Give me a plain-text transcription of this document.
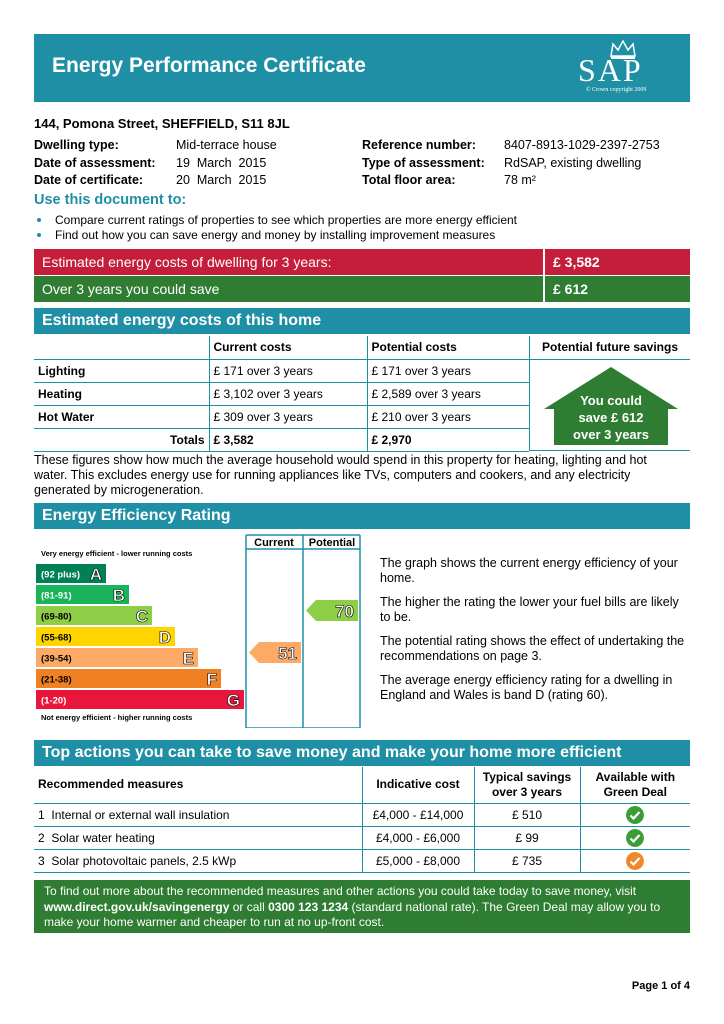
Energy Performance Certificate	SAP
© Crown copyright 2009
144, Pomona Street, SHEFFIELD, S11 8JL
Dwelling type:	Mid-terrace house	Reference number:	8407-8913-1029-2397-2753
Date of assessment:	19  March  2015	Type of assessment:	RdSAP, existing dwelling
Date of certificate:	20  March  2015	Total floor area:	78 m²
Use this document to:
Compare current ratings of properties to see which properties are more energy efficient
Find out how you can save energy and money by installing improvement measures
Estimated energy costs of dwelling for 3 years:	£ 3,582
Over 3 years you could save	£ 612
Estimated energy costs of this home
	Current costs	Potential costs
Lighting	£ 171 over 3 years	£ 171 over 3 years
Heating	£ 3,102 over 3 years	£ 2,589 over 3 years
Hot Water	£ 309 over 3 years	£ 210 over 3 years
Totals	£ 3,582	£ 2,970
Potential future savings
You could
save £ 612
over 3 years
These figures show how much the average household would spend in this property for heating, lighting and hot water. This excludes energy use for running appliances like TVs, computers and cookers, and any electricity generated by microgeneration.
Energy Efficiency Rating
Current Potential
Very energy efficient - lower running costs
Not energy efficient - higher running costs
(92 plus) A
(81-91) B
(69-80)	C
(55-68)	D
(39-54)	E
(21-38)	F
(1-20)	G
51
70

The graph shows the current energy efficiency of your home.

The higher the rating the lower your fuel bills are likely to be.

The potential rating shows the effect of undertaking the recommendations on page 3.

The average energy efficiency rating for a dwelling in England and Wales is band D (rating 60).

Top actions you can take to save money and make your home more efficient
Recommended measures	Indicative cost	Typical savings over 3 years	Available with Green Deal
1 Internal or external wall insulation	£4,000 - £14,000	£ 510	
2 Solar water heating	£4,000 - £6,000	£ 99	
3 Solar photovoltaic panels, 2.5 kWp	£5,000 - £8,000	£ 735	
To find out more about the recommended measures and other actions you could take today to save money, visit www.direct.gov.uk/savingenergy or call 0300 123 1234 (standard national rate). The Green Deal may allow you to make your home warmer and cheaper to run at no up-front cost.
Page 1 of 4
